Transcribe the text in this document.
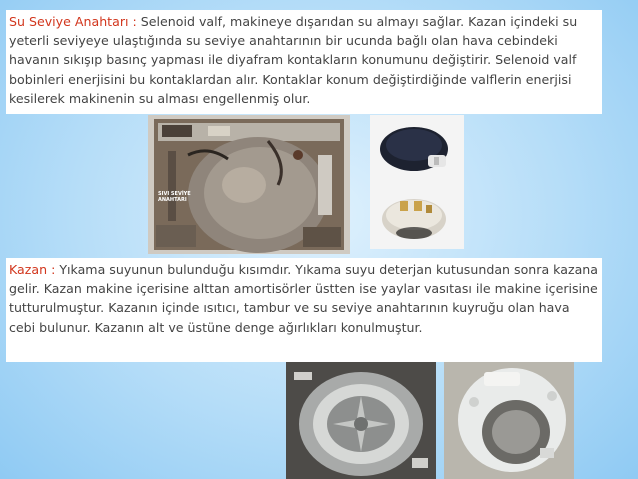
Su Seviye Anahtarı : Selenoid valf, makineye dışarıdan su almayı sağlar. Kazan içindeki su yeterli seviyeye ulaştığında su seviye anahtarının bir ucunda bağlı olan hava cebindeki havanın sıkışıp basınç yapması ile diyafram kontakların konumunu değiştirir. Selenoid valf bobinleri enerjisini bu kontaklardan alır. Kontaklar konum değiştirdiğinde valflerin enerjisi kesilerek makinenin su alması engellenmiş olur.
SIVI SEVİYE ANAHTARI
Kazan : Yıkama suyunun bulunduğu kısımdır. Yıkama suyu deterjan kutusundan sonra kazana gelir. Kazan makine içerisine alttan amortisörler üstten ise yaylar vasıtası ile makine içerisine tutturulmuştur. Kazanın içinde ısıtıcı, tambur ve su seviye anahtarının kuyruğu olan hava cebi bulunur. Kazanın alt ve üstüne denge ağırlıkları konulmuştur.
